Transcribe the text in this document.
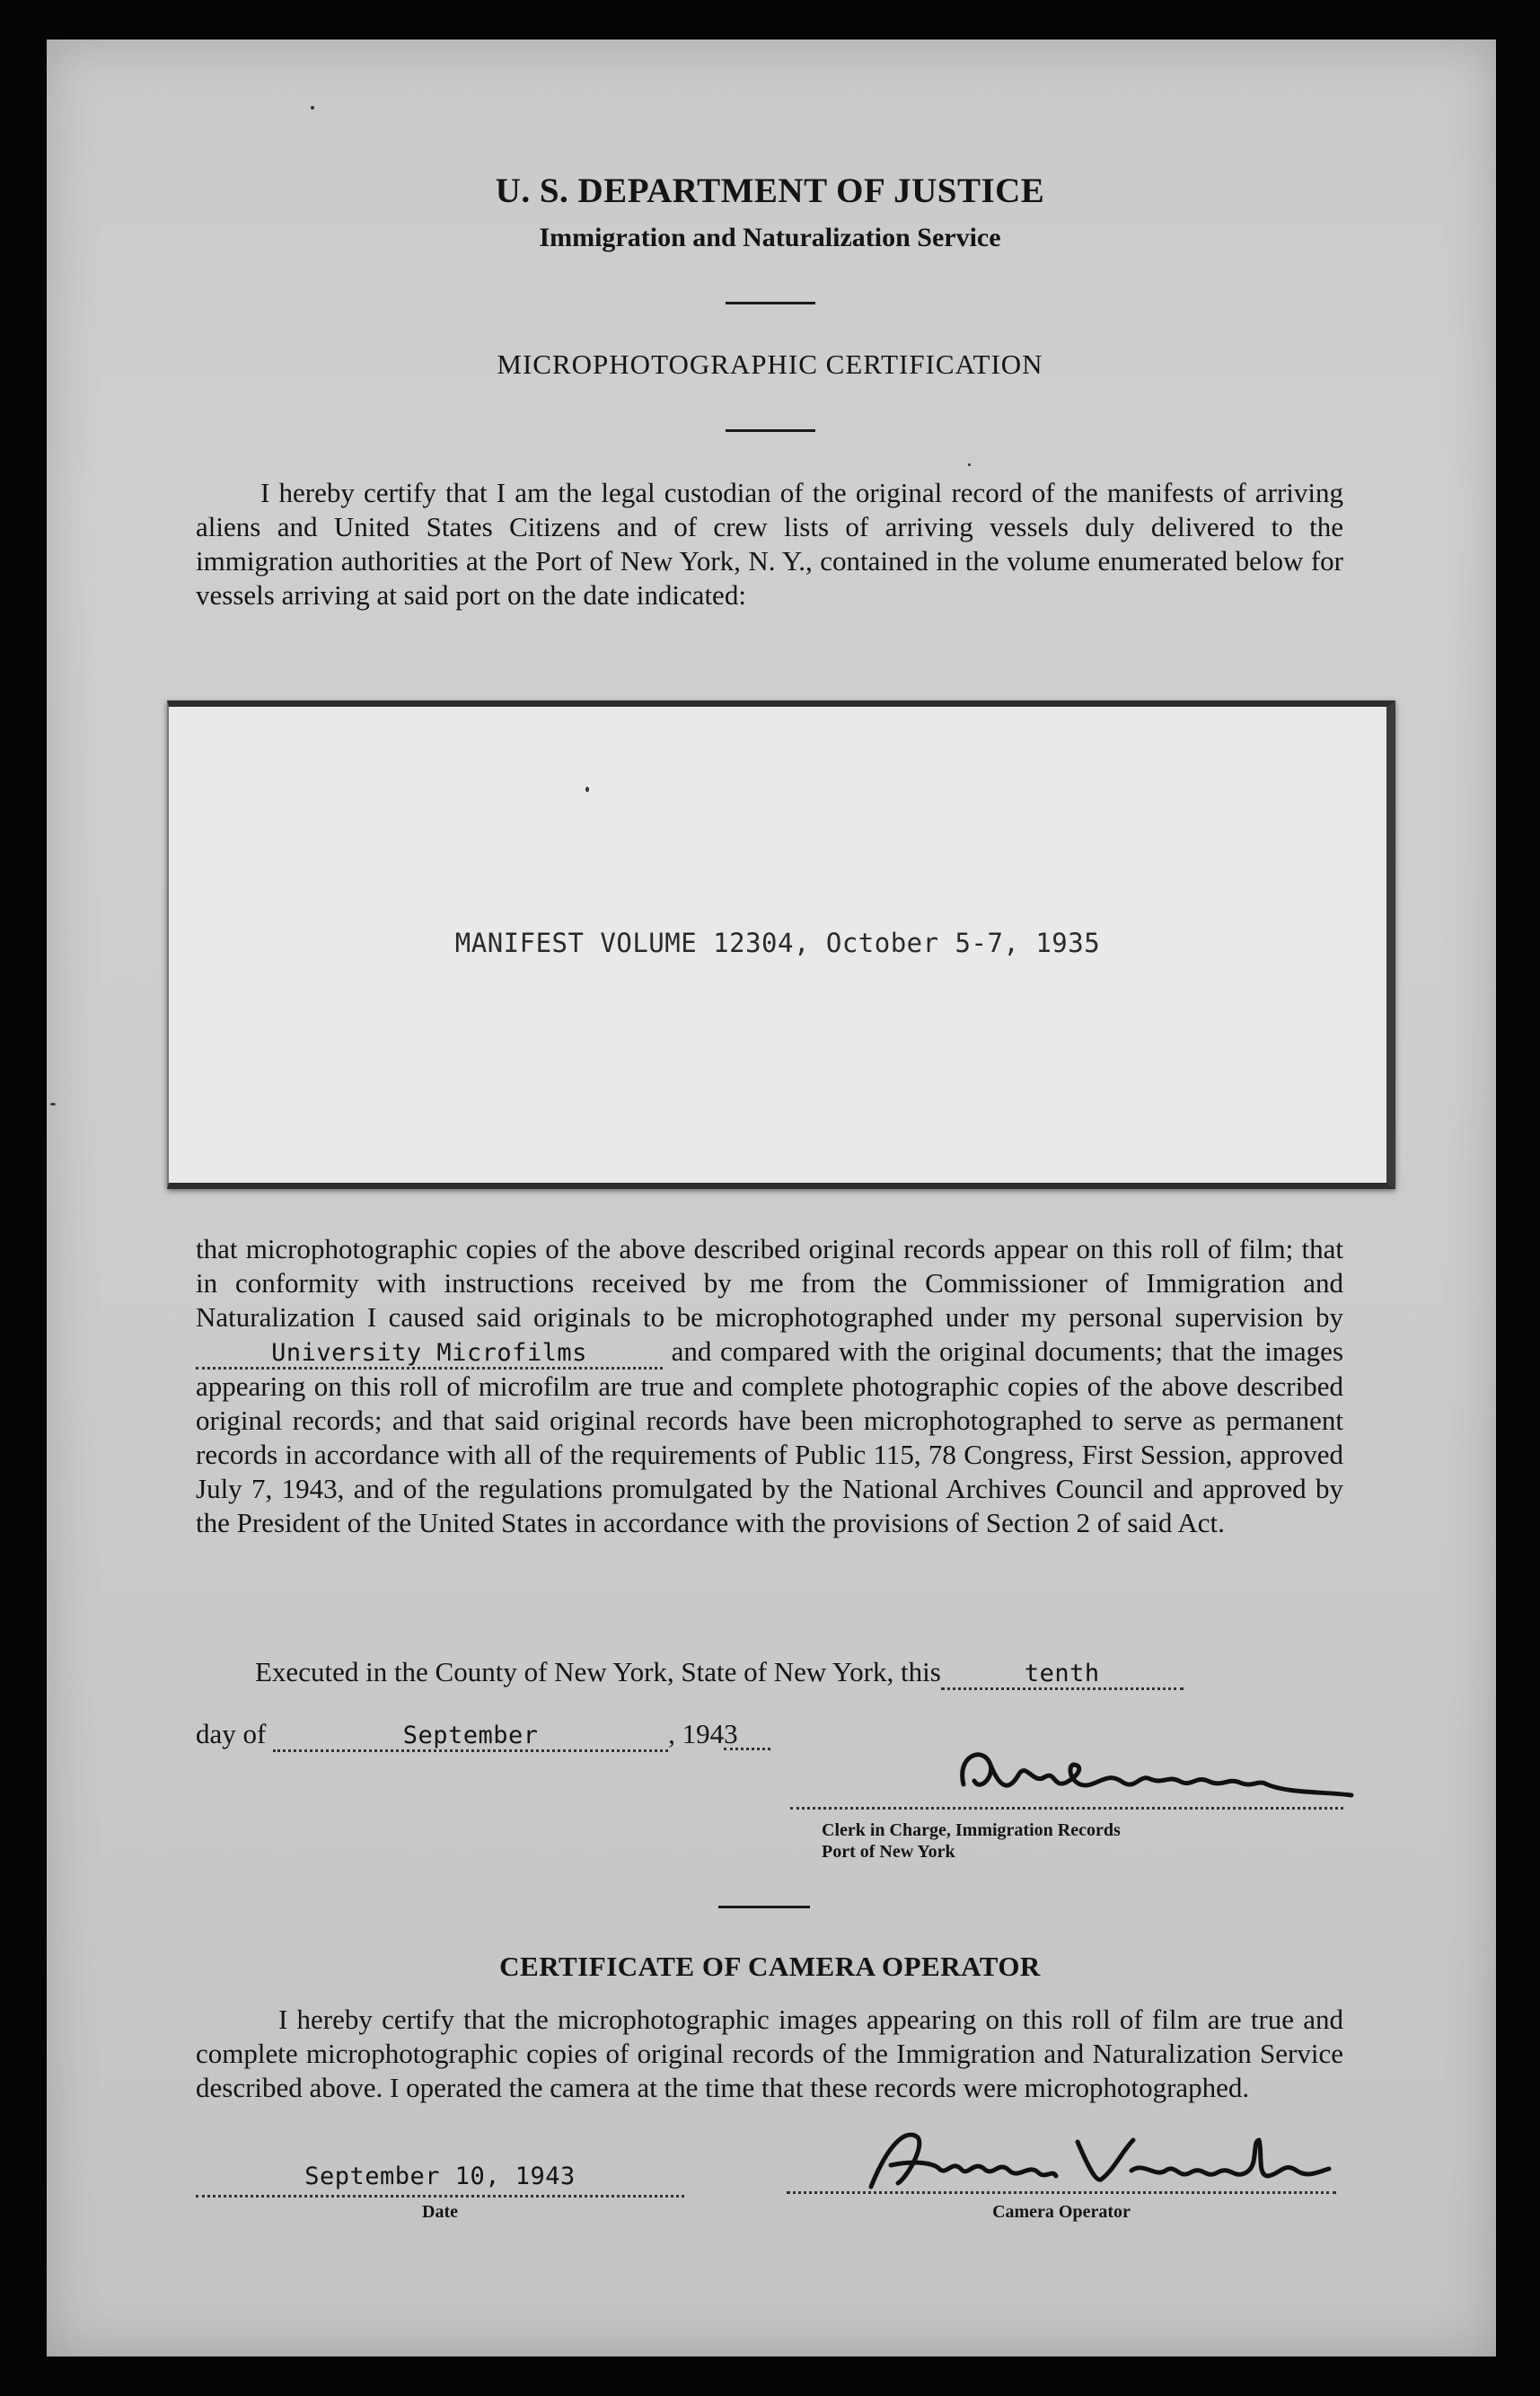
U. S. DEPARTMENT OF JUSTICE
Immigration and Naturalization Service
MICROPHOTOGRAPHIC CERTIFICATION
I hereby certify that I am the legal custodian of the original record of the manifests of arriving aliens and United States Citizens and of crew lists of arriving vessels duly delivered to the immigration authorities at the Port of New York, N. Y., contained in the volume enumerated below for vessels arriving at said port on the date indicated:
MANIFEST VOLUME 12304, October 5-7, 1935
that microphotographic copies of the above described original records appear on this roll of film; that in conformity with instructions received by me from the Commissioner of Immigration and Naturalization I caused said originals to be microphotographed under my personal supervision by University Microfilms	and compared with the original documents; that the images appearing on this roll of microfilm are true and complete photographic copies of the above described original records; and that said original records have been microphotographed to serve as permanent records in accordance with all of the requirements of Public 115, 78 Congress, First Session, approved July 7, 1943, and of the regulations promulgated by the National Archives Council and approved by the President of the United States in accordance with the provisions of Section 2 of said Act.
Executed in the County of New York, State of New York, this	tenth
day of	September	, 1943
Clerk in Charge, Immigration Records
Port of New York
CERTIFICATE OF CAMERA OPERATOR
I hereby certify that the microphotographic images appearing on this roll of film are true and complete microphotographic copies of original records of the Immigration and Naturalization Service described above. I operated the camera at the time that these records were microphotographed.
September 10, 1943
Date	Camera Operator
